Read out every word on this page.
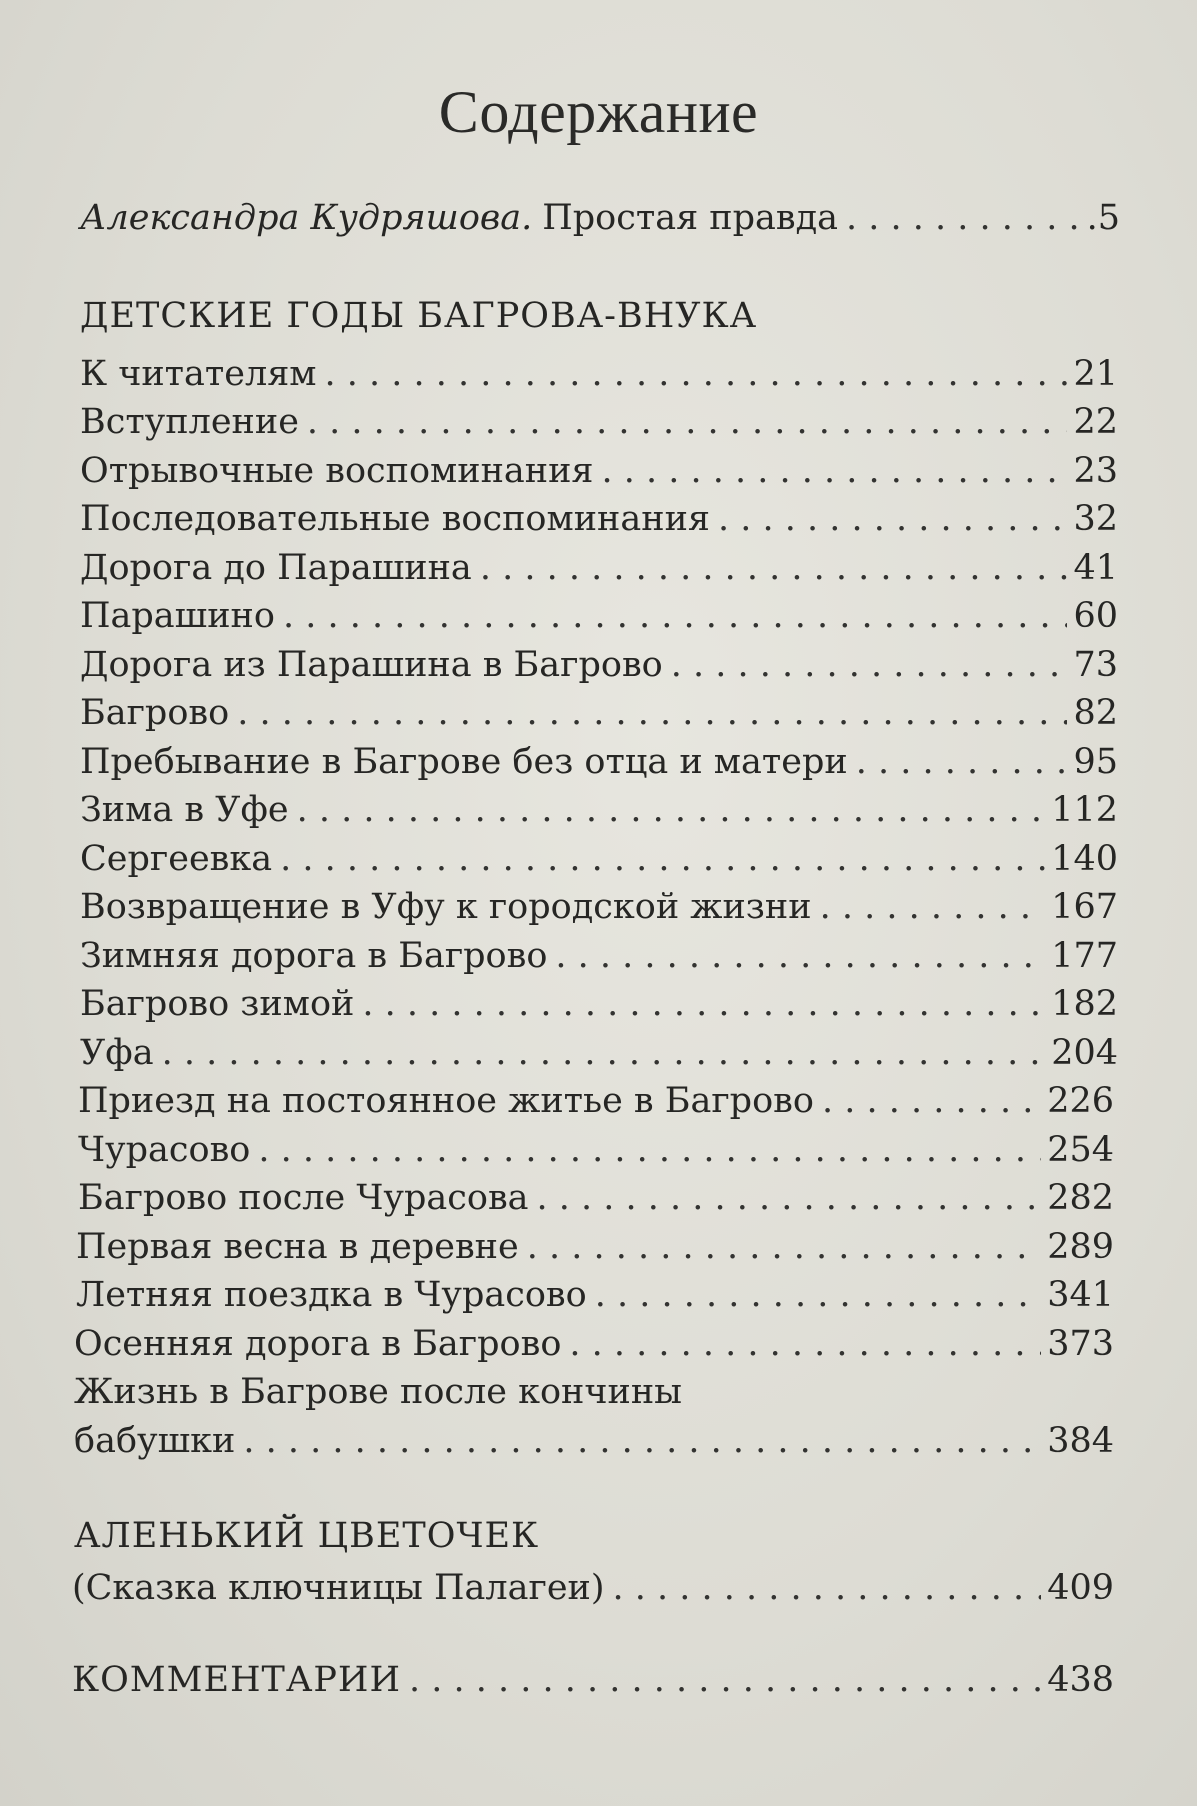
Содержание
Александра Кудряшова. Простая правда . . .	.5
ДЕТСКИЕ ГОДЫ БАГРОВА-ВНУКА
К читателям . . .	21
Вступление . . .	22
Отрывочные воспоминания . . .	23
Последовательные воспоминания . . .	32
Дорога до Парашина . . .	41
Парашино . . .	60
Дорога из Парашина в Багрово . . .	73
Багрово . . .	82
Пребывание в Багрове без отца и матери . . .	95
Зима в Уфе . . .	112
Сергеевка . . .	140
Возвращение в Уфу к городской жизни . . .	167
Зимняя дорога в Багрово . . .	177
Багрово зимой . . .	182
Уфа . . .	204
Приезд на постоянное житье в Багрово . . .	226
Чурасово . . .	254
Багрово после Чурасова . . .	282
Первая весна в деревне . . .	289
Летняя поездка в Чурасово . . .	341
Осенняя дорога в Багрово . . .	373
Жизнь в Багрове после кончины
бабушки . . .	384
АЛЕНЬКИЙ ЦВЕТОЧЕК
(Сказка ключницы Палагеи) . . .	409
КОММЕНТАРИИ . . .	438
